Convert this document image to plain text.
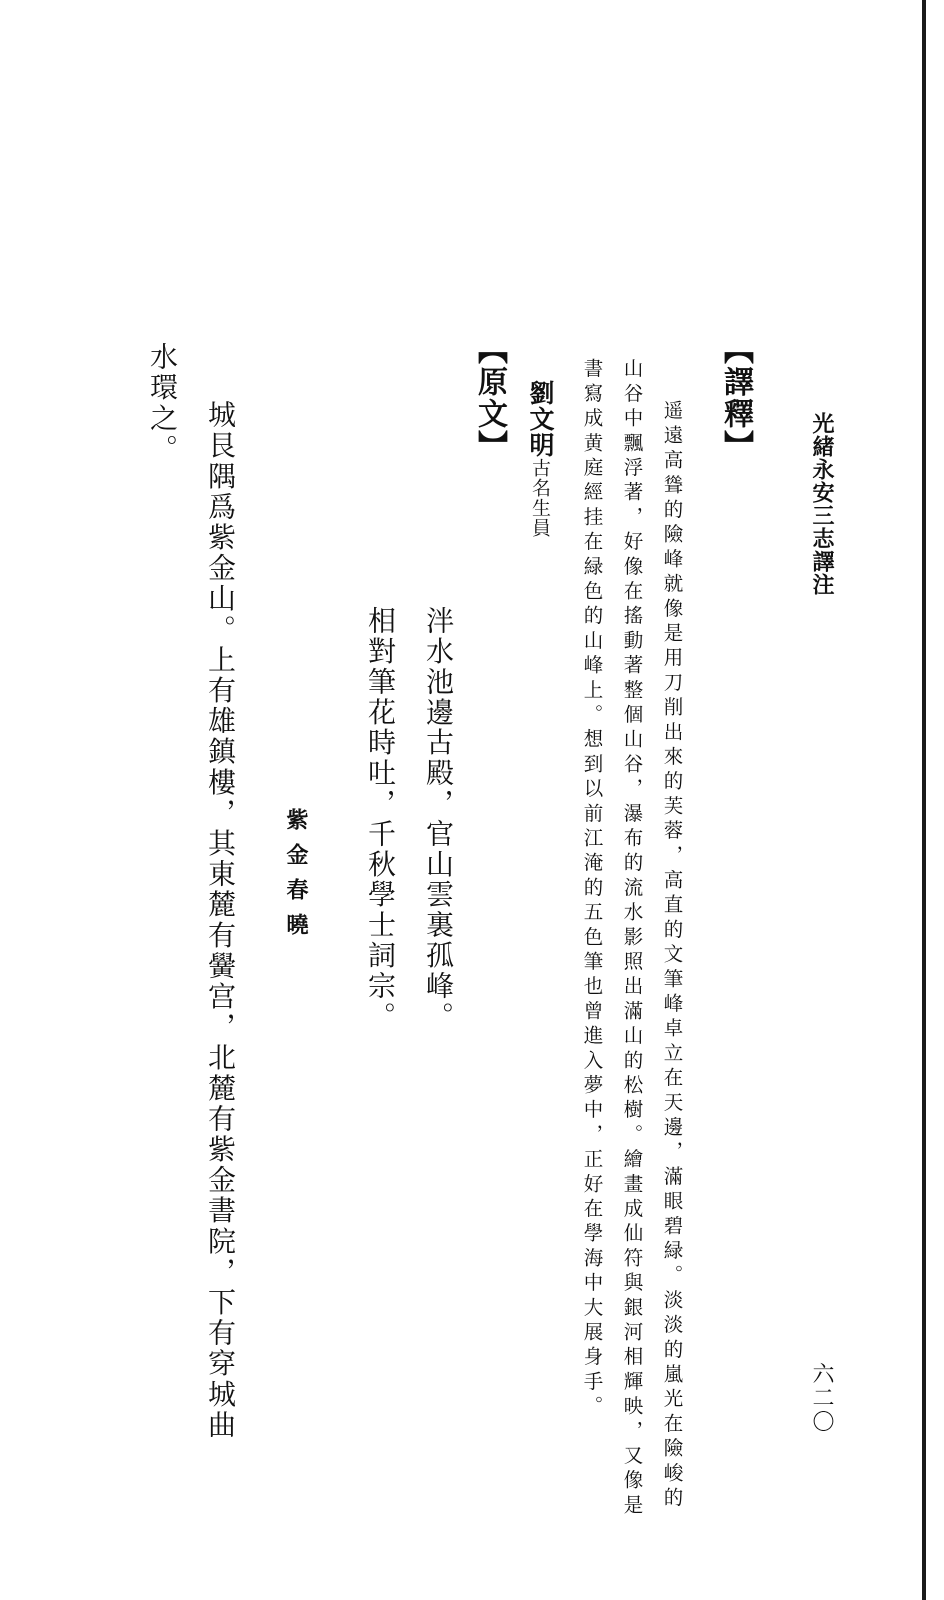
光緒永安三志譯注
六二〇
【譯釋】
遥遠高聳的險峰就像是用刀削出來的芙蓉，高直的文筆峰卓立在天邊，滿眼碧緑。淡淡的嵐光在險峻的
山谷中飄浮著，好像在搖動著整個山谷，瀑布的流水影照出滿山的松樹。繪畫成仙符與銀河相輝映，又像是
書寫成黄庭經挂在緑色的山峰上。想到以前江淹的五色筆也曾進入夢中，正好在學海中大展身手。
劉文明古名生員
【原文】
泮水池邊古殿，官山雲裏孤峰。
相對筆花時吐，千秋學士詞宗。
紫金春曉
城艮隅爲紫金山。上有雄鎮樓，其東麓有黌宫，北麓有紫金書院，下有穿城曲
水環之。
